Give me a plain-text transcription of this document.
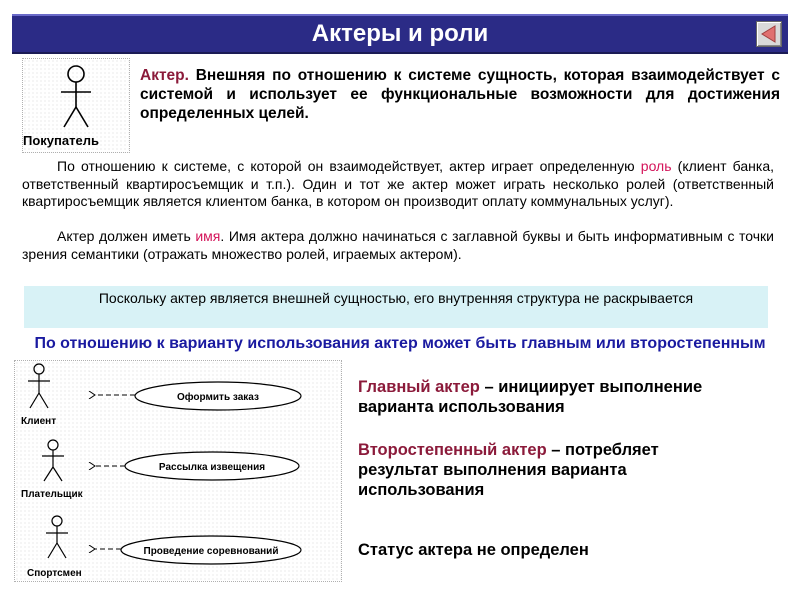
Актеры и роли
Покупатель
Актер. Внешняя по отношению к системе сущность, которая взаимодействует с системой и использует ее функциональные возможности для достижения определенных целей.
По отношению к системе, с которой он взаимодействует, актер играет определенную роль (клиент банка, ответственный квартиросъемщик и т.п.). Один и тот же актер может играть несколько ролей (ответственный квартиросъемщик является клиентом банка, в котором он производит оплату коммунальных услуг).
Актер должен иметь имя. Имя актера должно начинаться с заглавной буквы и быть информативным с точки зрения семантики (отражать множество ролей, играемых актером).
Поскольку актер является внешней сущностью, его внутренняя структура не раскрывается
По отношению к варианту использования актер может быть главным или второстепенным
Клиент
Плательщик
Спортсмен
Оформить заказ
Рассылка извещения
Проведение соревнований
Главный актер – инициирует выполнение варианта использования
Второстепенный актер – потребляет результат выполнения варианта использования
Статус актера не определен
